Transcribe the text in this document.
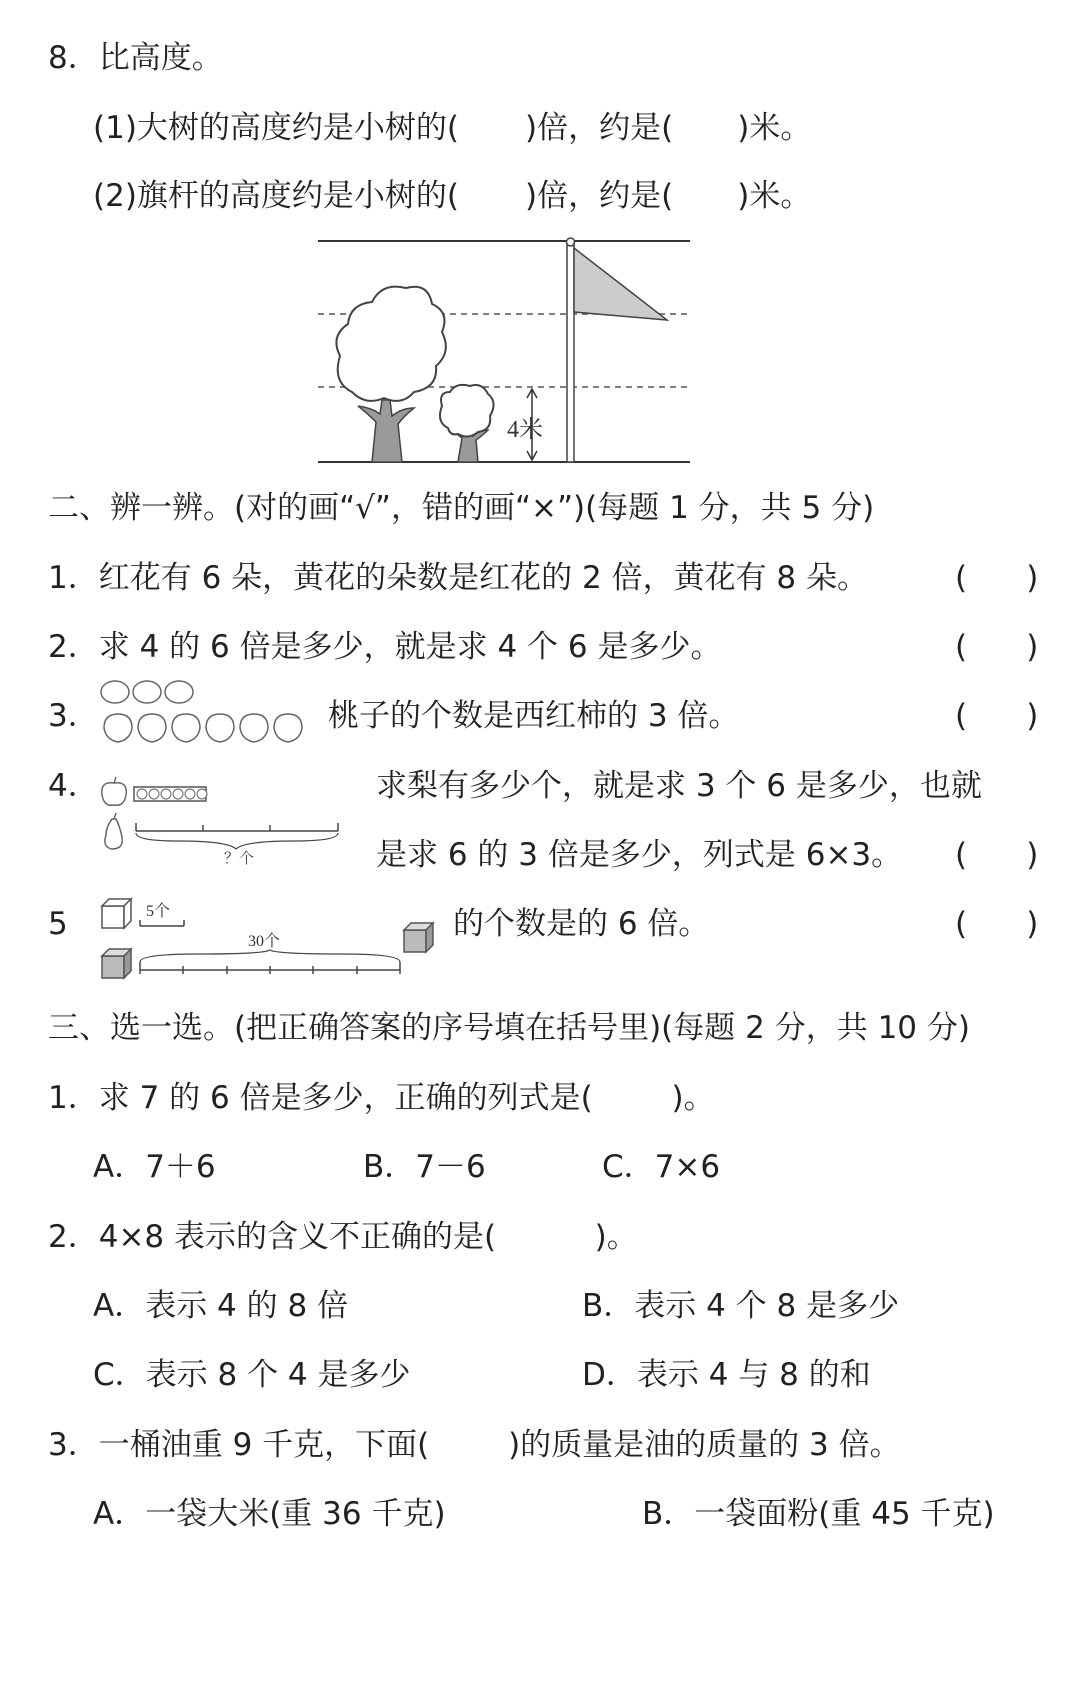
8．比高度。
(1)大树的高度约是小树的( )倍，约是( )米。
(2)旗杆的高度约是小树的( )倍，约是( )米。
4米
二、辨一辨。(对的画“√”，错的画“×”)(每题 1 分，共 5 分)
1．红花有 6 朵，黄花的朵数是红花的 2 倍，黄花有 8 朵。	(      )
2．求 4 的 6 倍是多少，就是求 4 个 6 是多少。	(      )
3．	桃子的个数是西红柿的 3 倍。	(      )
4．
？个
求梨有多少个，就是求 3 个 6 是多少，也就
是求 6 的 3 倍是多少，列式是 6×3。 (      )
5	5个
30个	的个数是的 6 倍。	(      )
三、选一选。(把正确答案的序号填在括号里)(每题 2 分，共 10 分)
1．求 7 的 6 倍是多少，正确的列式是(        )。
A．7＋6	B．7－6	C．7×6
2．4×8 表示的含义不正确的是(          )。
A．表示 4 的 8 倍	B．表示 4 个 8 是多少
C．表示 8 个 4 是多少	D．表示 4 与 8 的和
3．一桶油重 9 千克，下面(        )的质量是油的质量的 3 倍。
A．一袋大米(重 36 千克)	B．一袋面粉(重 45 千克)
